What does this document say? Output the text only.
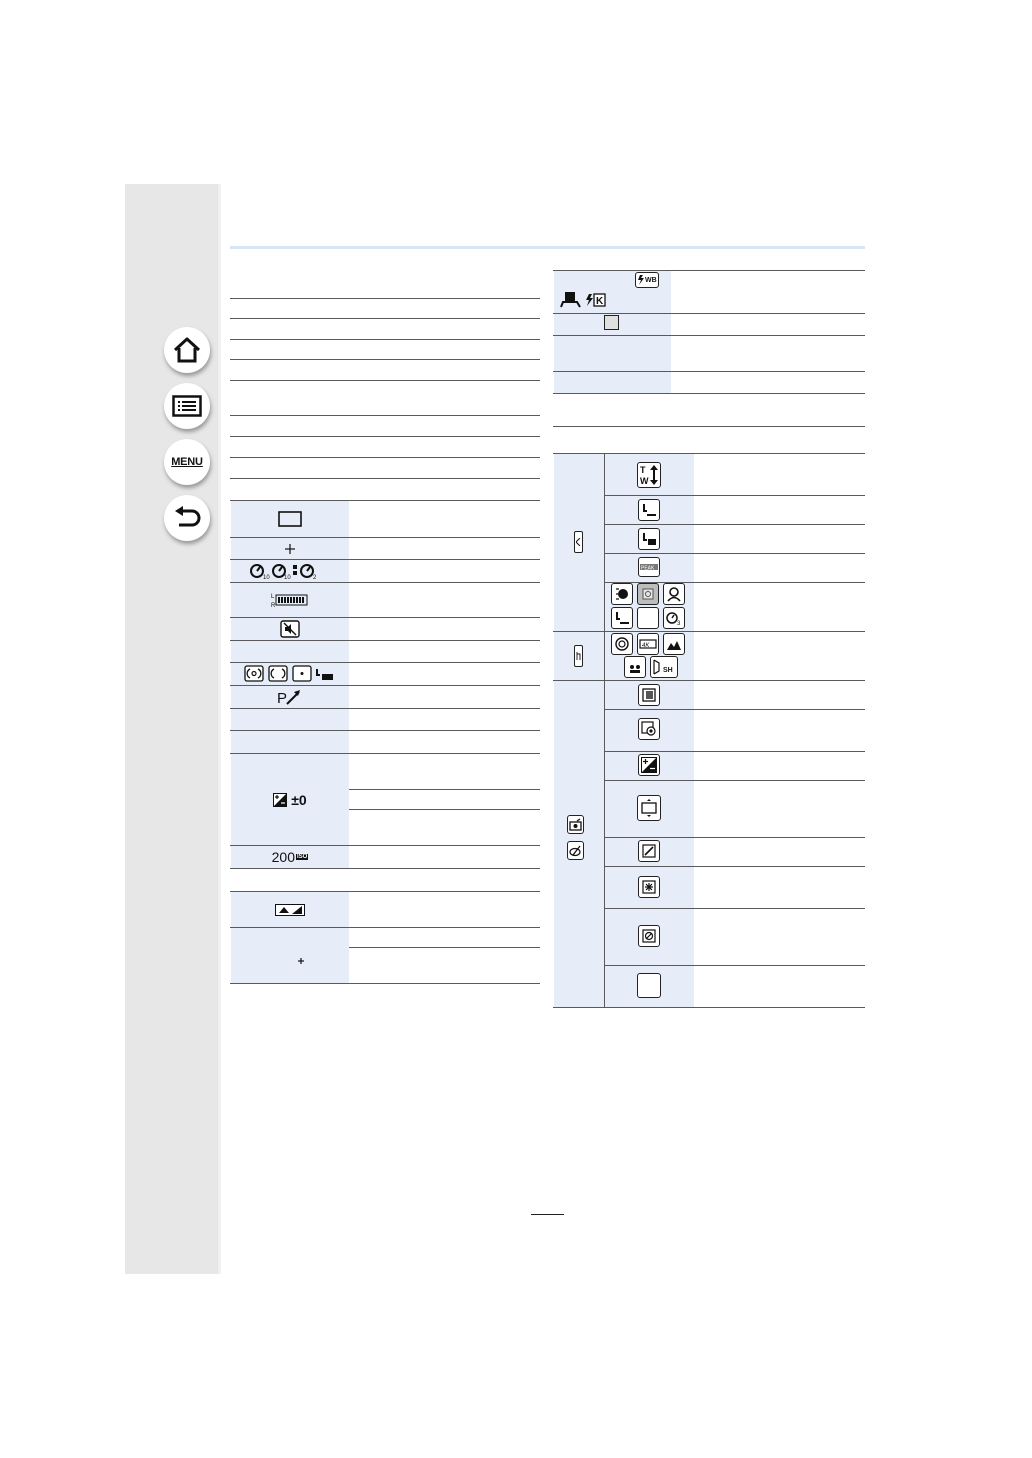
MENU
10 10	2
L
R
P
±0
200 ISO
WB
K
T
W
PEAK
3
4K
SH
